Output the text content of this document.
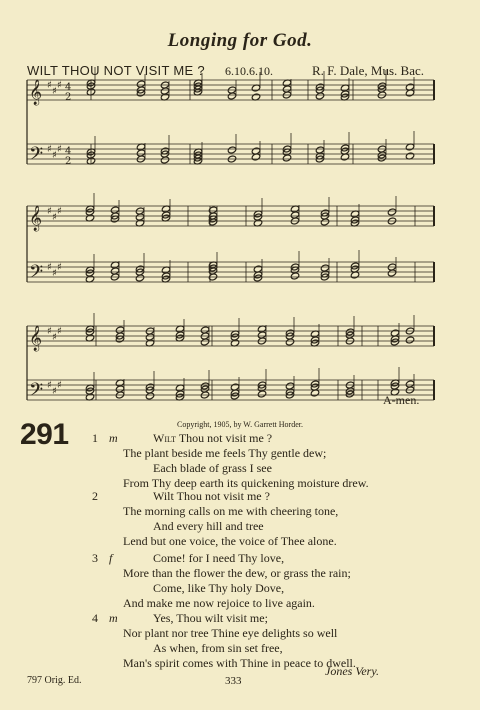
Longing for God.
WILT THOU NOT VISIT ME ? 6.10.6.10.	R. F. Dale, Mus. Bac.
𝄞 ♯
♯
♯ 4
2
𝄢 ♯
♯
♯ 4
2
𝄞 ♯
♯
♯
𝄢 ♯
♯
♯
𝄞 ♯
♯
♯
𝄢 ♯
♯
♯
A-men.
291	Copyright, 1905, by W. Garrett Horder.
1 m	Wilt Thou not visit me ?
The plant beside me feels Thy gentle dew;
Each blade of grass I see
From Thy deep earth its quickening moisture drew.
2	Wilt Thou not visit me ?
The morning calls on me with cheering tone,
And every hill and tree
Lend but one voice, the voice of Thee alone.
3 f	Come! for I need Thy love,
More than the flower the dew, or grass the rain;
Come, like Thy holy Dove,
And make me now rejoice to live again.
4 m	Yes, Thou wilt visit me;
Nor plant nor tree Thine eye delights so well
As when, from sin set free,
Man's spirit comes with Thine in peace to dwell.
Jones Very.
797 Orig. Ed.	333
